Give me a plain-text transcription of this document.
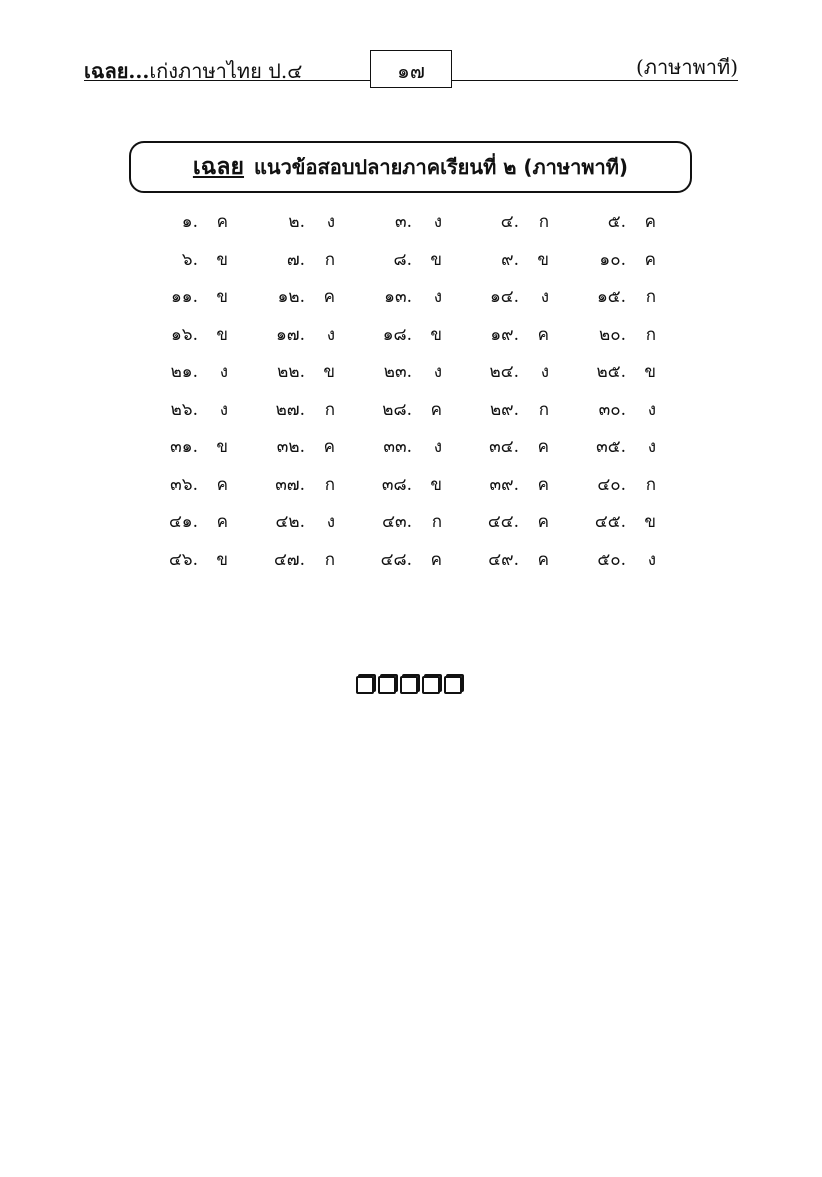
เฉลย...เก่งภาษาไทย ป.๔	๑๗	(ภาษาพาที)
เฉลย แนวข้อสอบปลายภาคเรียนที่ ๒ (ภาษาพาที)
๑.	ค	๒.	ง	๓.	ง	๔.	ก	๕.	ค
๖.	ข	๗.	ก	๘.	ข	๙.	ข	๑๐.	ค
๑๑.	ข	๑๒.	ค	๑๓.	ง	๑๔.	ง	๑๕.	ก
๑๖.	ข	๑๗.	ง	๑๘.	ข	๑๙.	ค	๒๐.	ก
๒๑.	ง	๒๒.	ข	๒๓.	ง	๒๔.	ง	๒๕.	ข
๒๖.	ง	๒๗.	ก	๒๘.	ค	๒๙.	ก	๓๐.	ง
๓๑.	ข	๓๒.	ค	๓๓.	ง	๓๔.	ค	๓๕.	ง
๓๖.	ค	๓๗.	ก	๓๘.	ข	๓๙.	ค	๔๐.	ก
๔๑.	ค	๔๒.	ง	๔๓.	ก	๔๔.	ค	๔๕.	ข
๔๖.	ข	๔๗.	ก	๔๘.	ค	๔๙.	ค	๕๐.	ง
